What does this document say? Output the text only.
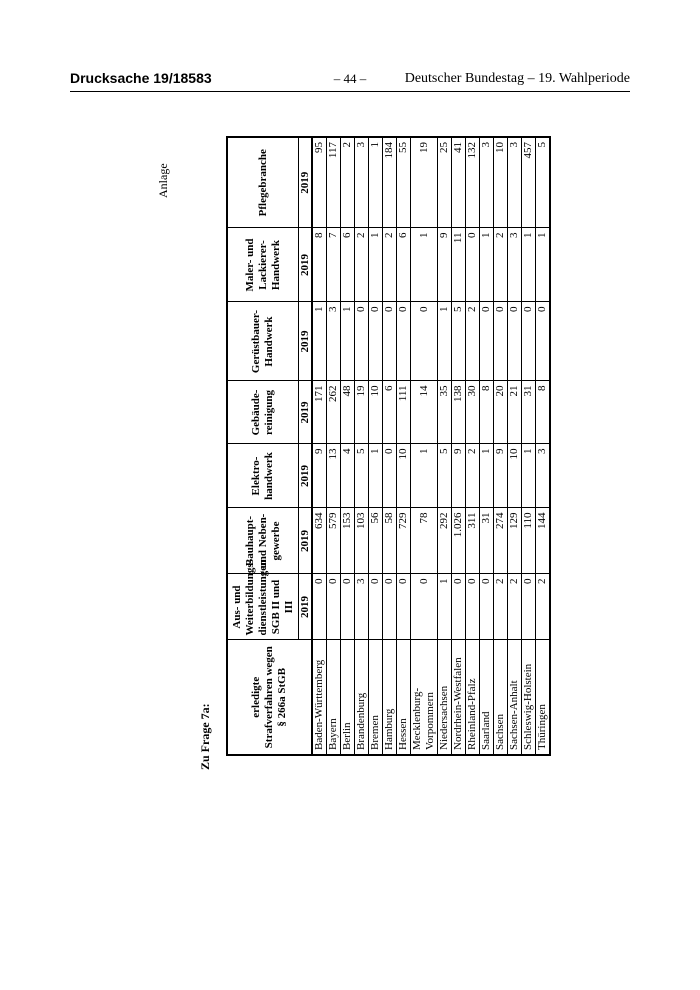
Drucksache 19/18583	– 44 –	Deutscher Bundestag – 19. Wahlperiode
Anlage
Zu Frage 7a:
erledigte Strafverfahren wegen § 266a StGB	Aus- und Weiterbildungs-dienstleistungen SGB II und III	Bauhaupt- und Neben-gewerbe	Elektro-handwerk	Gebäude-reinigung	Gerüstbauer-Handwerk	Maler- und Lackierer-Handwerk	Pflegebranche
	2019	2019	2019	2019	2019	2019	2019
Baden-Württemberg	0	634	9	171	1	8	95
Bayern	0	579	13	262	3	7	117
Berlin	0	153	4	48	1	6	2
Brandenburg	3	103	5	19	0	2	3
Bremen	0	56	1	10	0	1	1
Hamburg	0	58	0	6	0	2	184
Hessen	0	729	10	111	0	6	55
Mecklenburg-Vorpommern	0	78	1	14	0	1	19
Niedersachsen	1	292	5	35	1	9	25
Nordrhein-Westfalen	0	1.026	9	138	5	11	41
Rheinland-Pfalz	0	311	2	30	2	0	132
Saarland	0	31	1	8	0	1	3
Sachsen	2	274	9	20	0	2	10
Sachsen-Anhalt	2	129	10	21	0	3	3
Schleswig-Holstein	0	110	1	31	0	1	457
Thüringen	2	144	3	8	0	1	5
